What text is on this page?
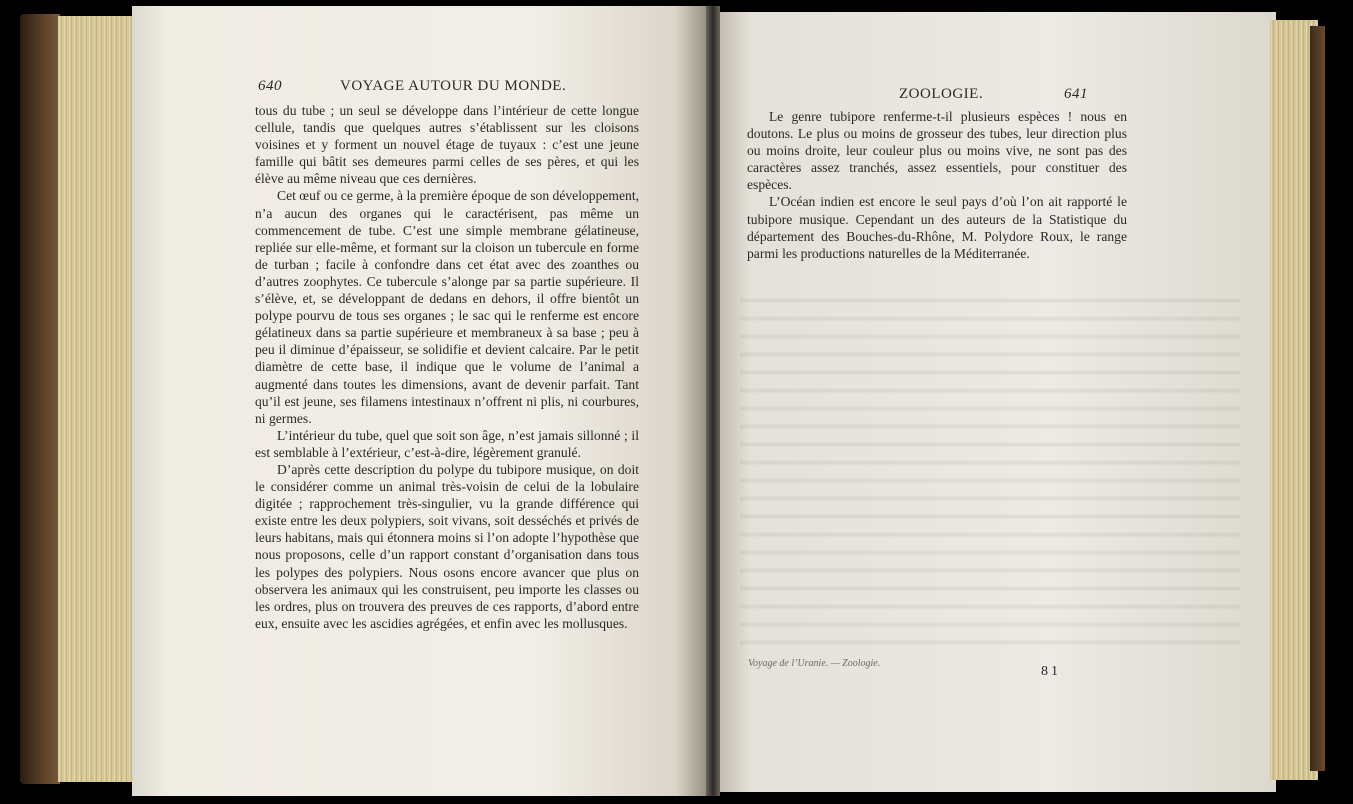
640	VOYAGE AUTOUR DU MONDE.

tous du tube ; un seul se développe dans l’intérieur de cette longue cellule, tandis que quelques autres s’établissent sur les cloisons voisines et y forment un nouvel étage de tuyaux : c’est une jeune famille qui bâtit ses demeures parmi celles de ses pères, et qui les élève au même niveau que ces dernières.

Cet œuf ou ce germe, à la première époque de son développement, n’a aucun des organes qui le caractérisent, pas même un commencement de tube. C’est une simple membrane gélatineuse, repliée sur elle-même, et formant sur la cloison un tubercule en forme de turban ; facile à confondre dans cet état avec des zoanthes ou d’autres zoophytes. Ce tubercule s’alonge par sa partie supérieure. Il s’élève, et, se développant de dedans en dehors, il offre bientôt un polype pourvu de tous ses organes ; le sac qui le renferme est encore gélatineux dans sa partie supérieure et membraneux à sa base ; peu à peu il diminue d’épaisseur, se solidifie et devient calcaire. Par le petit diamètre de cette base, il indique que le volume de l’animal a augmenté dans toutes les dimensions, avant de devenir parfait. Tant qu’il est jeune, ses filamens intestinaux n’offrent ni plis, ni courbures, ni germes.

L’intérieur du tube, quel que soit son âge, n’est jamais sillonné ; il est semblable à l’extérieur, c’est-à-dire, légèrement granulé.

D’après cette description du polype du tubipore musique, on doit le considérer comme un animal très-voisin de celui de la lobulaire digitée ; rapprochement très-singulier, vu la grande différence qui existe entre les deux polypiers, soit vivans, soit desséchés et privés de leurs habitans, mais qui étonnera moins si l’on adopte l’hypothèse que nous proposons, celle d’un rapport constant d’organisation dans tous les polypes des polypiers. Nous osons encore avancer que plus on observera les animaux qui les construisent, peu importe les classes ou les ordres, plus on trouvera des preuves de ces rapports, d’abord entre eux, ensuite avec les ascidies agrégées, et enfin avec les mollusques.

ZOOLOGIE.	641

Le genre tubipore renferme-t-il plusieurs espèces ! nous en doutons. Le plus ou moins de grosseur des tubes, leur direction plus ou moins droite, leur couleur plus ou moins vive, ne sont pas des caractères assez tranchés, assez essentiels, pour constituer des espèces.

L’Océan indien est encore le seul pays d’où l’on ait rapporté le tubipore musique. Cependant un des auteurs de la Statistique du département des Bouches-du-Rhône, M. Polydore Roux, le range parmi les productions naturelles de la Méditerranée.

Voyage de l’Uranie. — Zoologie.
81
